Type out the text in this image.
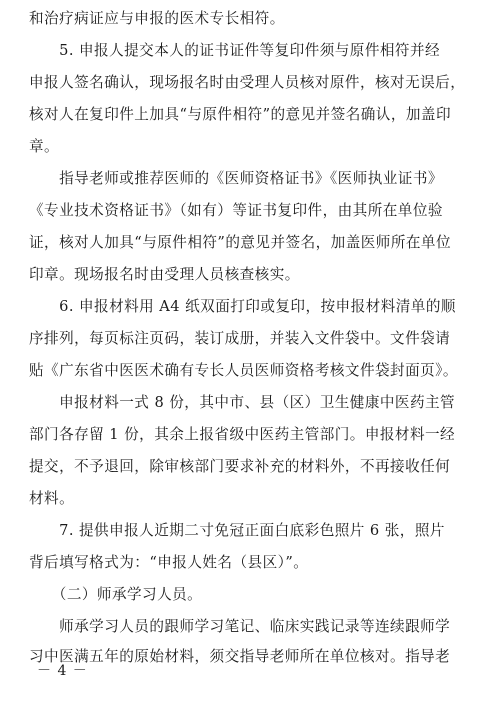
和治疗病证应与申报的医术专长相符。
　　5. 申报人提交本人的证书证件等复印件须与原件相符并经
申报人签名确认，现场报名时由受理人员核对原件，核对无误后，
核对人在复印件上加具“与原件相符”的意见并签名确认，加盖印
章。
　　指导老师或推荐医师的《医师资格证书》《医师执业证书》
《专业技术资格证书》（如有）等证书复印件，由其所在单位验
证，核对人加具“与原件相符”的意见并签名，加盖医师所在单位
印章。现场报名时由受理人员核查核实。
　　6. 申报材料用 A4 纸双面打印或复印，按申报材料清单的顺
序排列，每页标注页码，装订成册，并装入文件袋中。文件袋请
贴《广东省中医医术确有专长人员医师资格考核文件袋封面页》。
　　申报材料一式 8 份，其中市、县（区）卫生健康中医药主管
部门各存留 1 份，其余上报省级中医药主管部门。申报材料一经
提交，不予退回，除审核部门要求补充的材料外，不再接收任何
材料。
　　7. 提供申报人近期二寸免冠正面白底彩色照片 6 张，照片
背后填写格式为：“申报人姓名（县区）”。
　　（二）师承学习人员。
　　师承学习人员的跟师学习笔记、临床实践记录等连续跟师学
习中医满五年的原始材料，须交指导老师所在单位核对。指导老
－ 4 －
